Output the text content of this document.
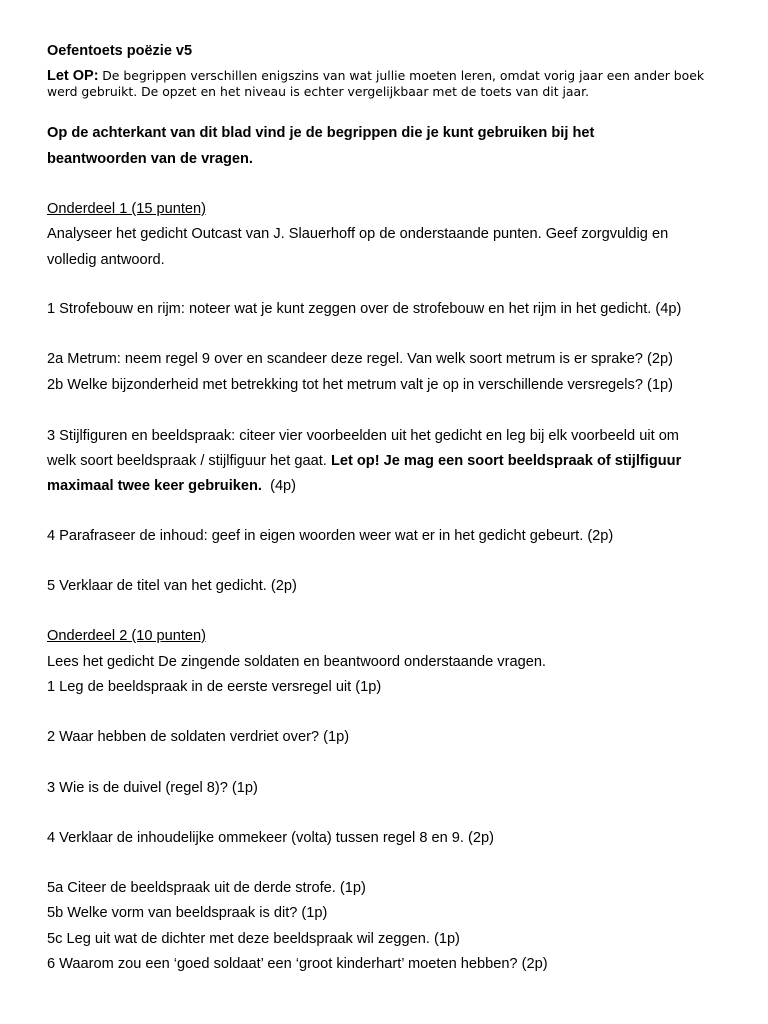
Oefentoets poëzie v5
Let OP: De begrippen verschillen enigszins van wat jullie moeten leren, omdat vorig jaar een ander boek werd gebruikt. De opzet en het niveau is echter vergelijkbaar met de toets van dit jaar.
Op de achterkant van dit blad vind je de begrippen die je kunt gebruiken bij het
beantwoorden van de vragen.
Onderdeel 1 (15 punten)
Analyseer het gedicht Outcast van J. Slauerhoff op de onderstaande punten. Geef zorgvuldig en
volledig antwoord.
1 Strofebouw en rijm: noteer wat je kunt zeggen over de strofebouw en het rijm in het gedicht. (4p)
2a Metrum: neem regel 9 over en scandeer deze regel. Van welk soort metrum is er sprake? (2p)
2b Welke bijzonderheid met betrekking tot het metrum valt je op in verschillende versregels? (1p)
3 Stijlfiguren en beeldspraak: citeer vier voorbeelden uit het gedicht en leg bij elk voorbeeld uit om
welk soort beeldspraak / stijlfiguur het gaat. Let op! Je mag een soort beeldspraak of stijlfiguur
maximaal twee keer gebruiken. (4p)
4 Parafraseer de inhoud: geef in eigen woorden weer wat er in het gedicht gebeurt. (2p)
5 Verklaar de titel van het gedicht. (2p)
Onderdeel 2 (10 punten)
Lees het gedicht De zingende soldaten en beantwoord onderstaande vragen.
1 Leg de beeldspraak in de eerste versregel uit (1p)
2 Waar hebben de soldaten verdriet over? (1p)
3 Wie is de duivel (regel 8)? (1p)
4 Verklaar de inhoudelijke ommekeer (volta) tussen regel 8 en 9. (2p)
5a Citeer de beeldspraak uit de derde strofe. (1p)
5b Welke vorm van beeldspraak is dit? (1p)
5c Leg uit wat de dichter met deze beeldspraak wil zeggen. (1p)
6 Waarom zou een ‘goed soldaat’ een ‘groot kinderhart’ moeten hebben? (2p)
